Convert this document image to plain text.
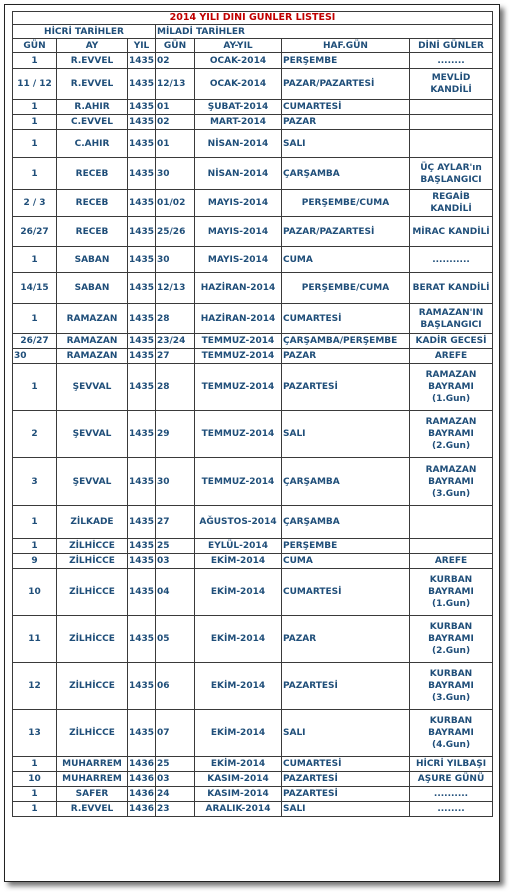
2014 YILI DİNİ GÜNLER LİSTESİ						
HİCRİ TARİHLER			MİLADİ TARİHLER			
GÜN	AY	YIL	GÜN	AY-YIL	HAF.GÜN	DİNİ GÜNLER
1	R.EVVEL	1435	02	OCAK-2014	PERŞEMBE	........
11 / 12	R.EVVEL	1435	12/13	OCAK-2014	PAZAR/PAZARTESİ	MEVLİD KANDİLİ
1	R.AHIR	1435	01	ŞUBAT-2014	CUMARTESİ	
1	C.EVVEL	1435	02	MART-2014	PAZAR	
1	C.AHIR	1435	01	NİSAN-2014	SALI	
1	RECEB	1435	30	NİSAN-2014	ÇARŞAMBA	ÜÇ AYLAR'ın BAŞLANGICI
2 / 3	RECEB	1435	01/02	MAYIS-2014	PERŞEMBE/CUMA	REGAİB KANDİLİ
26/27	RECEB	1435	25/26	MAYIS-2014	PAZAR/PAZARTESİ	MİRAC KANDİLİ
1	SABAN	1435	30	MAYIS-2014	CUMA	...........
14/15	SABAN	1435	12/13	HAZİRAN-2014	PERŞEMBE/CUMA	BERAT KANDİLİ
1	RAMAZAN	1435	28	HAZİRAN-2014	CUMARTESİ	RAMAZAN'IN BAŞLANGICI
26/27	RAMAZAN	1435	23/24	TEMMUZ-2014	ÇARŞAMBA/PERŞEMBE	KADİR GECESİ
30	RAMAZAN	1435	27	TEMMUZ-2014	PAZAR	AREFE
1	ŞEVVAL	1435	28	TEMMUZ-2014	PAZARTESİ	RAMAZAN BAYRAMI (1.Gun)
2	ŞEVVAL	1435	29	TEMMUZ-2014	SALI	RAMAZAN BAYRAMI (2.Gun)
3	ŞEVVAL	1435	30	TEMMUZ-2014	ÇARŞAMBA	RAMAZAN BAYRAMI (3.Gun)
1	ZİLKADE	1435	27	AĞUSTOS-2014	ÇARŞAMBA	
1	ZİLHİCCE	1435	25	EYLÜL-2014	PERŞEMBE	
9	ZİLHİCCE	1435	03	EKİM-2014	CUMA	AREFE
10	ZİLHİCCE	1435	04	EKİM-2014	CUMARTESİ	KURBAN BAYRAMI (1.Gun)
11	ZİLHİCCE	1435	05	EKİM-2014	PAZAR	KURBAN BAYRAMI (2.Gun)
12	ZİLHİCCE	1435	06	EKİM-2014	PAZARTESİ	KURBAN BAYRAMI (3.Gun)
13	ZİLHİCCE	1435	07	EKİM-2014	SALI	KURBAN BAYRAMI (4.Gun)
1	MUHARREM	1436	25	EKİM-2014	CUMARTESİ	HİCRİ YILBAŞI
10	MUHARREM	1436	03	KASIM-2014	PAZARTESİ	AŞURE GÜNÜ
1	SAFER	1436	24	KASIM-2014	PAZARTESİ	..........
1	R.EVVEL	1436	23	ARALIK-2014	SALI	........
